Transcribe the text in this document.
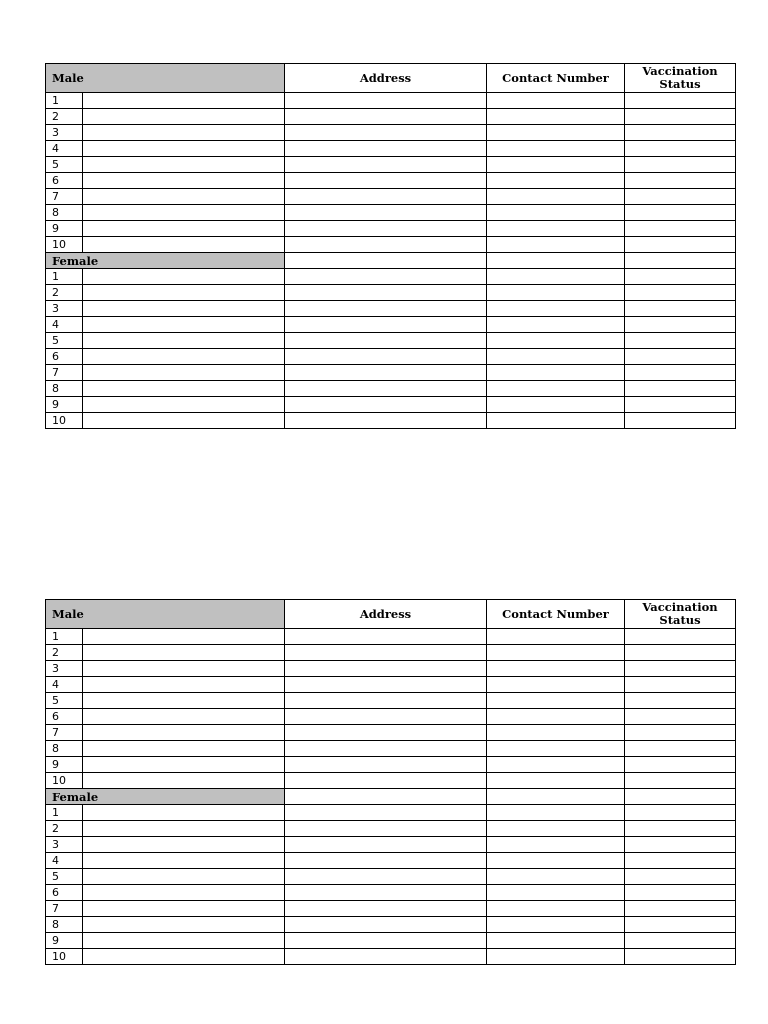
Male		Address	Contact Number	Vaccination Status
1				
2				
3				
4				
5				
6				
7				
8				
9				
10				
Female				
1				
2				
3				
4				
5				
6				
7				
8				
9				
10				
Male		Address	Contact Number	Vaccination Status
1				
2				
3				
4				
5				
6				
7				
8				
9				
10				
Female				
1				
2				
3				
4				
5				
6				
7				
8				
9				
10				
